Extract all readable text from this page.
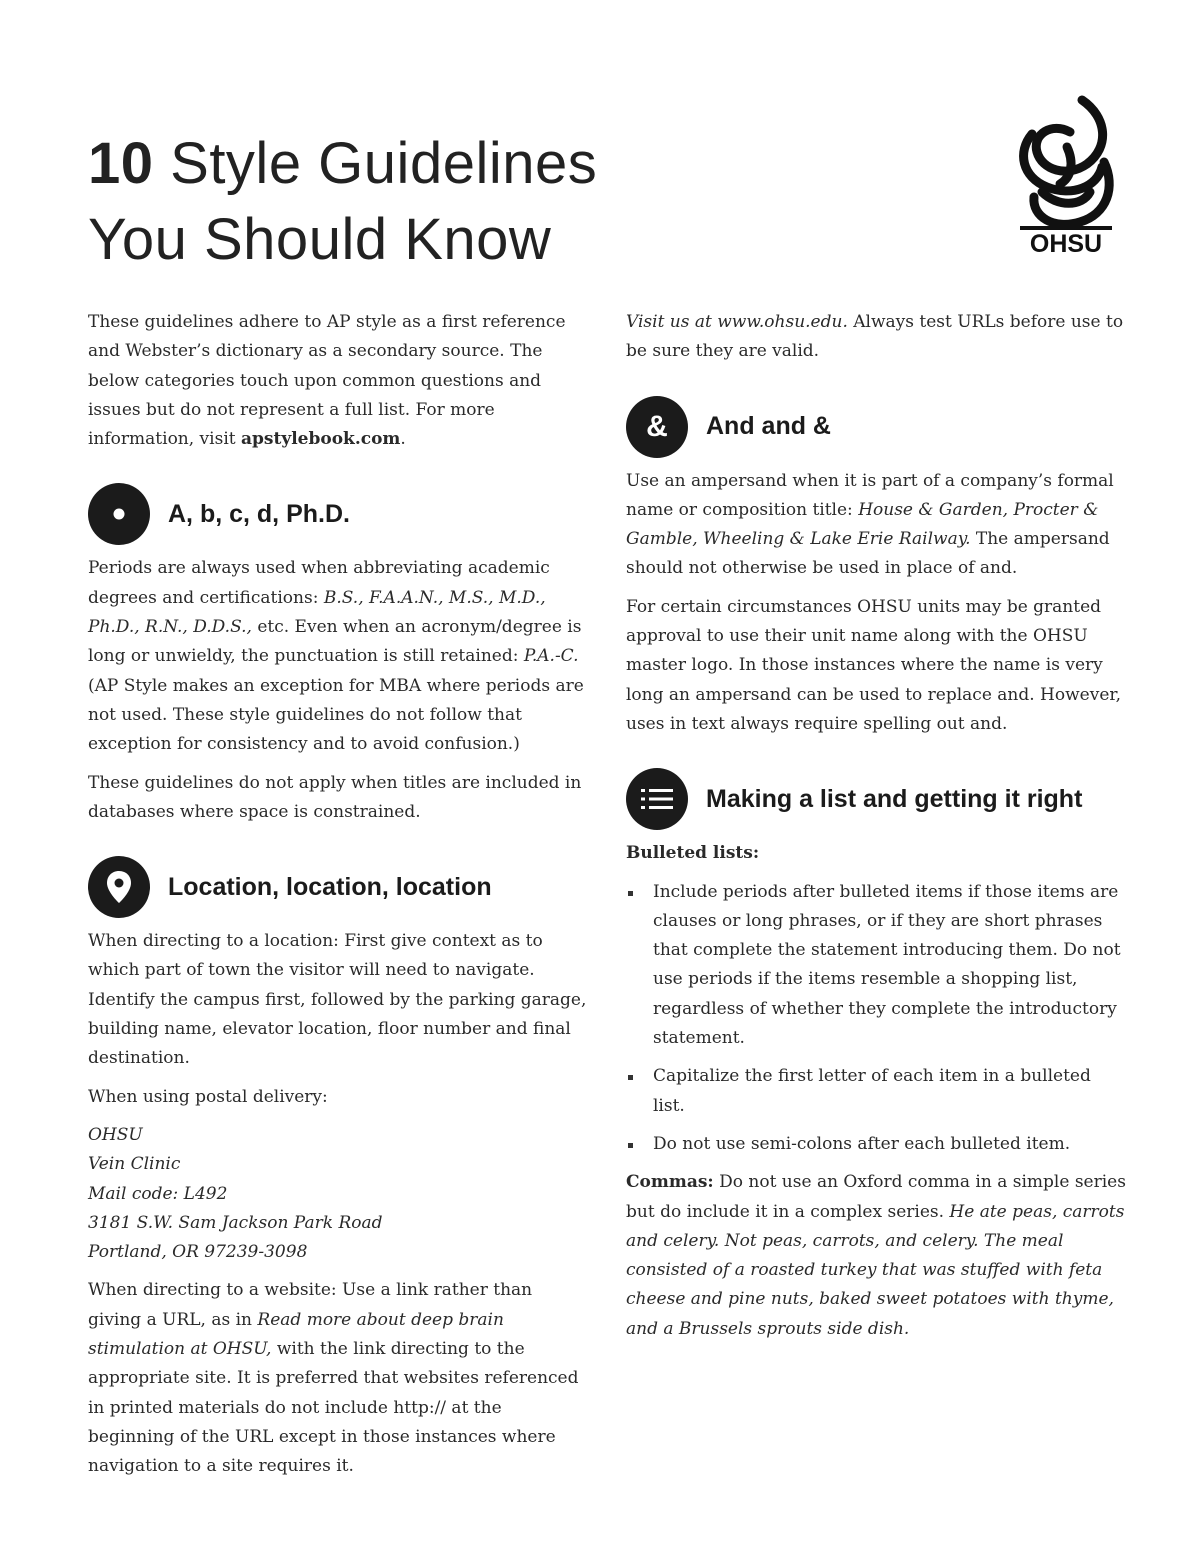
10 Style Guidelines
You Should Know	OHSU

These guidelines adhere to AP style as a first reference and Webster’s dictionary as a secondary source. The below categories touch upon common questions and issues but do not represent a full list. For more information, visit apstylebook.com.

A, b, c, d, Ph.D.

Periods are always used when abbreviating academic degrees and certifications: B.S., F.A.A.N., M.S., M.D., Ph.D., R.N., D.D.S., etc. Even when an acronym/degree is long or unwieldy, the punctuation is still retained: P.A.-C. (AP Style makes an exception for MBA where periods are not used. These style guidelines do not follow that exception for consistency and to avoid confusion.)

These guidelines do not apply when titles are included in databases where space is constrained.

Location, location, location

When directing to a location: First give context as to which part of town the visitor will need to navigate. Identify the campus first, followed by the parking garage, building name, elevator location, floor number and final destination.

When using postal delivery:

OHSU

Vein Clinic

Mail code: L492

3181 S.W. Sam Jackson Park Road

Portland, OR 97239-3098

When directing to a website: Use a link rather than giving a URL, as in Read more about deep brain stimulation at OHSU, with the link directing to the appropriate site. It is preferred that websites referenced in printed materials do not include http:// at the beginning of the URL except in those instances where navigation to a site requires it.

Visit us at www.ohsu.edu. Always test URLs before use to be sure they are valid.

& And and &

Use an ampersand when it is part of a company’s formal name or composition title: House & Garden, Procter & Gamble, Wheeling & Lake Erie Railway. The ampersand should not otherwise be used in place of and.

For certain circumstances OHSU units may be granted approval to use their unit name along with the OHSU master logo. In those instances where the name is very long an ampersand can be used to replace and. However, uses in text always require spelling out and.

Making a list and getting it right

Bulleted lists:

Include periods after bulleted items if those items are clauses or long phrases, or if they are short phrases that complete the statement introducing them. Do not use periods if the items resemble a shopping list, regardless of whether they complete the introductory statement.
Capitalize the first letter of each item in a bulleted list.
Do not use semi-colons after each bulleted item.

Commas: Do not use an Oxford comma in a simple series but do include it in a complex series. He ate peas, carrots and celery. Not peas, carrots, and celery. The meal consisted of a roasted turkey that was stuffed with feta cheese and pine nuts, baked sweet potatoes with thyme, and a Brussels sprouts side dish.
